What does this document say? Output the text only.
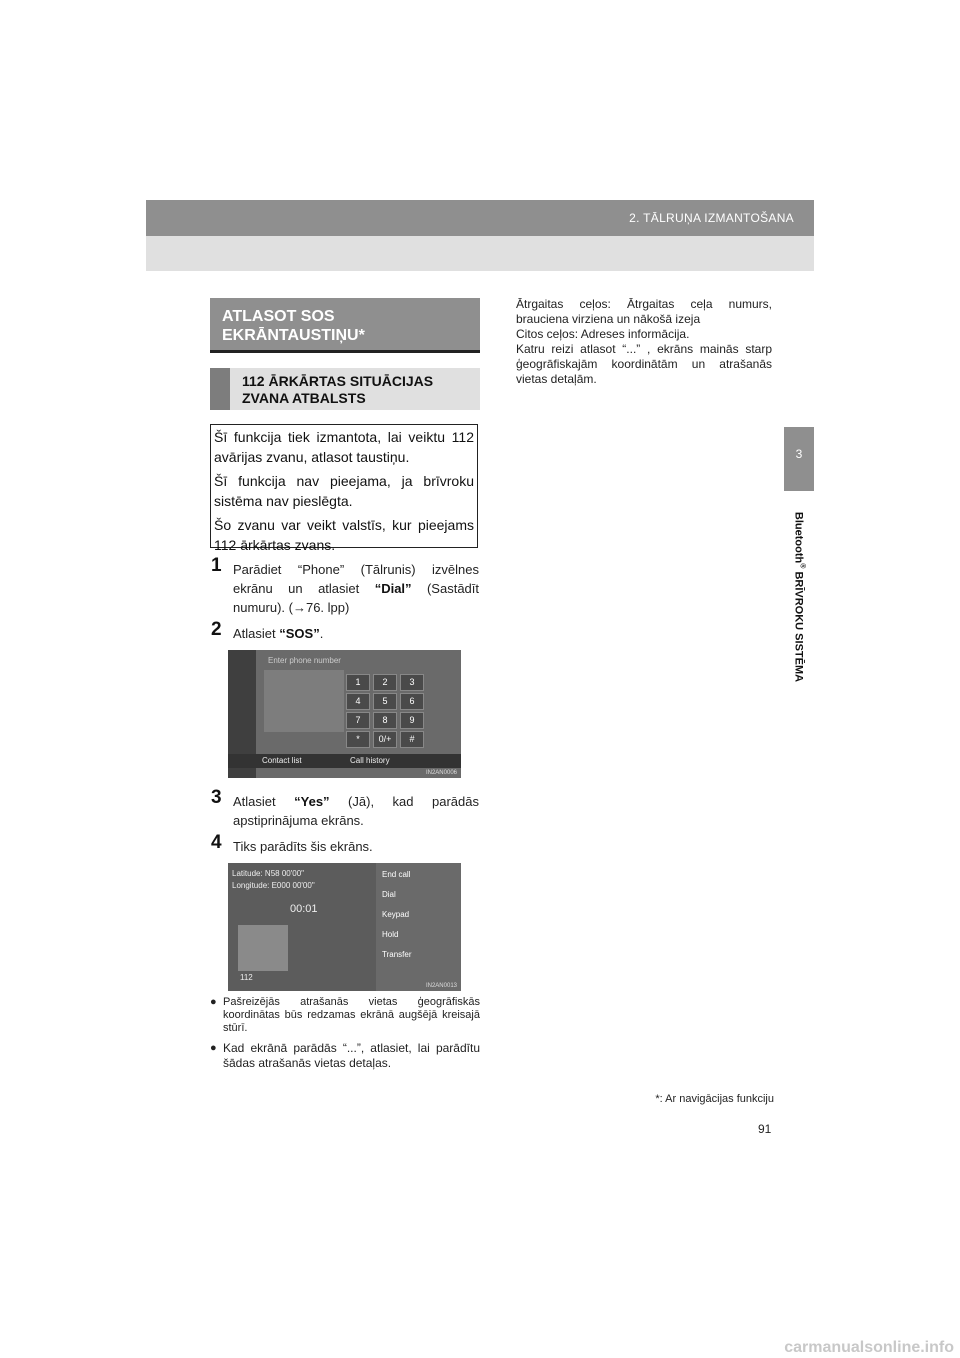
2. TĀLRUŅA IZMANTOŠANA
3
Bluetooth® BRĪVROKU SISTĒMA
ATLASOT SOS
EKRĀNTAUSTIŅU*
112 ĀRKĀRTAS SITUĀCIJAS
ZVANA ATBALSTS

Šī funkcija tiek izmantota, lai veiktu 112 avārijas zvanu, atlasot taustiņu.

Šī funkcija nav pieejama, ja brīvroku sistēma nav pieslēgta.

Šo zvanu var veikt valstīs, kur pieejams 112 ārkārtas zvans.

1 Parādiet “Phone” (Tālrunis) izvēlnes ekrānu un atlasiet “Dial” (Sastādīt numuru). (→76. lpp)
2 Atlasiet “SOS”.
3 Atlasiet “Yes” (Jā), kad parādās apstiprinājuma ekrāns.
4 Tiks parādīts šis ekrāns.
Enter phone number
1	2	3
4	5	6
7	8	9
*	0/+	#
Contact list	Call history
IN2AN0006
Latitude: N58 00'00"
Longitude: E000 00'00"
00:01
112
End call
Dial
Keypad
Hold
Transfer
IN2AN0013
● Pašreizējās atrašanās vietas ģeogrāfiskās koordinātas būs redzamas ekrānā augšējā kreisajā stūrī.
● Kad ekrānā parādās “...”, atlasiet, lai parādītu šādas atrašanās vietas detaļas.

Ātrgaitas ceļos: Ātrgaitas ceļa numurs, brauciena virziena un nākošā izeja

Citos ceļos: Adreses informācija.

Katru reizi atlasot “...” , ekrāns mainās starp ģeogrāfiskajām koordinātām un atrašanās vietas detaļām.

*: Ar navigācijas funkciju
91
carmanualsonline.info
